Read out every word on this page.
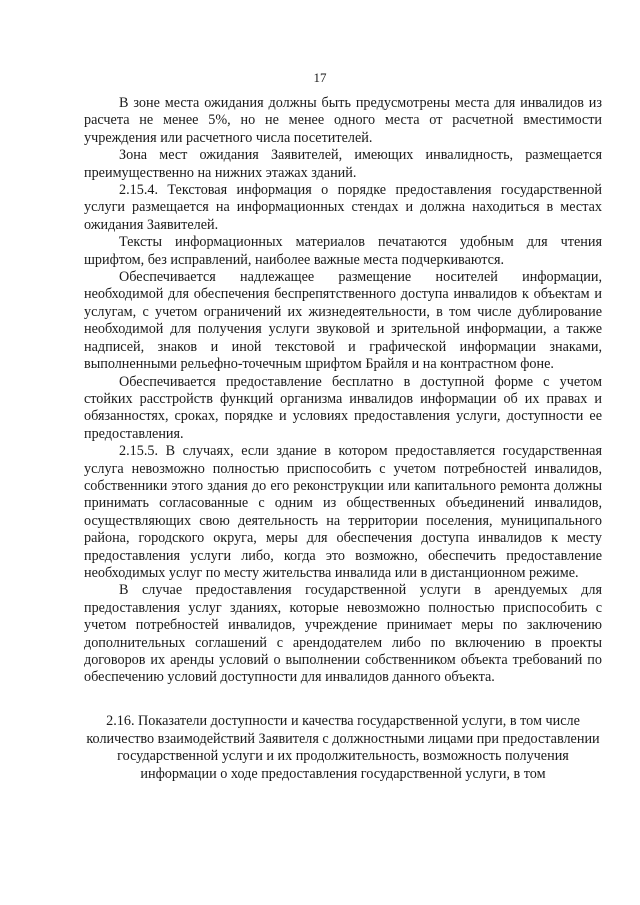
17

В зоне места ожидания должны быть предусмотрены места для инвалидов из расчета не менее 5%, но не менее одного места от расчетной вместимости учреждения или расчетного числа посетителей.

Зона мест ожидания Заявителей, имеющих инвалидность, размещается преимущественно на нижних этажах зданий.

2.15.4. Текстовая информация о порядке предоставления государственной услуги размещается на информационных стендах и должна находиться в местах ожидания Заявителей.

Тексты информационных материалов печатаются удобным для чтения шрифтом, без исправлений, наиболее важные места подчеркиваются.

Обеспечивается надлежащее размещение носителей информации, необходимой для обеспечения беспрепятственного доступа инвалидов к объектам и услугам, с учетом ограничений их жизнедеятельности, в том числе дублирование необходимой для получения услуги звуковой и зрительной информации, а также надписей, знаков и иной текстовой и графической информации знаками, выполненными рельефно-точечным шрифтом Брайля и на контрастном фоне.

Обеспечивается предоставление бесплатно в доступной форме с учетом стойких расстройств функций организма инвалидов информации об их правах и обязанностях, сроках, порядке и условиях предоставления услуги, доступности ее предоставления.

2.15.5. В случаях, если здание в котором предоставляется государственная услуга невозможно полностью приспособить с учетом потребностей инвалидов, собственники этого здания до его реконструкции или капитального ремонта должны принимать согласованные с одним из общественных объединений инвалидов, осуществляющих свою деятельность на территории поселения, муниципального района, городского округа, меры для обеспечения доступа инвалидов к месту предоставления услуги либо, когда это возможно, обеспечить предоставление необходимых услуг по месту жительства инвалида или в дистанционном режиме.

В случае предоставления государственной услуги в арендуемых для предоставления услуг зданиях, которые невозможно полностью приспособить с учетом потребностей инвалидов, учреждение принимает меры по заключению дополнительных соглашений с арендодателем либо по включению в проекты договоров их аренды условий о выполнении собственником объекта требований по обеспечению условий доступности для инвалидов данного объекта.

2.16. Показатели доступности и качества государственной услуги, в том числе количество взаимодействий Заявителя с должностными лицами при предоставлении государственной услуги и их продолжительность, возможность получения информации о ходе предоставления государственной услуги, в том
